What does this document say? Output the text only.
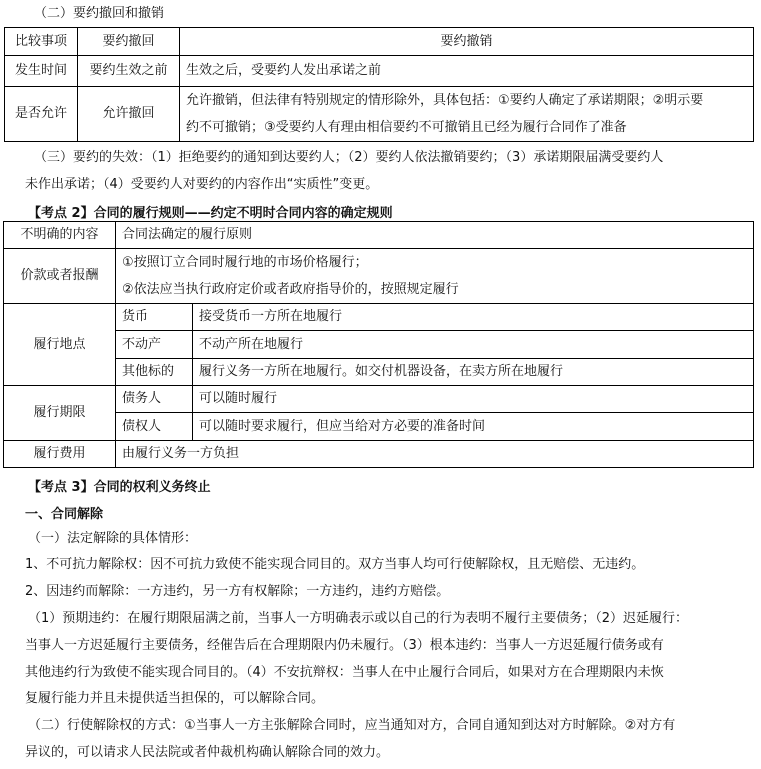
（二）要约撤回和撤销
比较事项	要约撤回	要约撤销
发生时间	要约生效之前	生效之后，受要约人发出承诺之前
是否允许	允许撤回	允许撤销，但法律有特别规定的情形除外，具体包括：①要约人确定了承诺期限；②明示要
约不可撤销；③受要约人有理由相信要约不可撤销且已经为履行合同作了准备
（三）要约的失效：（1）拒绝要约的通知到达要约人；（2）要约人依法撤销要约；（3）承诺期限届满受要约人
未作出承诺；（4）受要约人对要约的内容作出“实质性”变更。
【考点 2】合同的履行规则——约定不明时合同内容的确定规则
不明确的内容	合同法确定的履行原则	
价款或者报酬	①按照订立合同时履行地的市场价格履行；
②依法应当执行政府定价或者政府指导价的，按照规定履行	

履行地点	货币	接受货币一方所在地履行
	不动产	不动产所在地履行
	其他标的	履行义务一方所在地履行。如交付机器设备，在卖方所在地履行
履行期限	债务人	可以随时履行
	债权人	可以随时要求履行，但应当给对方必要的准备时间
履行费用	由履行义务一方负担	
【考点 3】合同的权利义务终止
一、合同解除
（一）法定解除的具体情形：
1、不可抗力解除权：因不可抗力致使不能实现合同目的。双方当事人均可行使解除权，且无赔偿、无违约。
2、因违约而解除：一方违约，另一方有权解除；一方违约，违约方赔偿。
（1）预期违约：在履行期限届满之前，当事人一方明确表示或以自己的行为表明不履行主要债务；（2）迟延履行：
当事人一方迟延履行主要债务，经催告后在合理期限内仍未履行。（3）根本违约：当事人一方迟延履行债务或有
其他违约行为致使不能实现合同目的。（4）不安抗辩权：当事人在中止履行合同后，如果对方在合理期限内未恢
复履行能力并且未提供适当担保的，可以解除合同。
（二）行使解除权的方式：①当事人一方主张解除合同时，应当通知对方，合同自通知到达对方时解除。②对方有
异议的，可以请求人民法院或者仲裁机构确认解除合同的效力。
